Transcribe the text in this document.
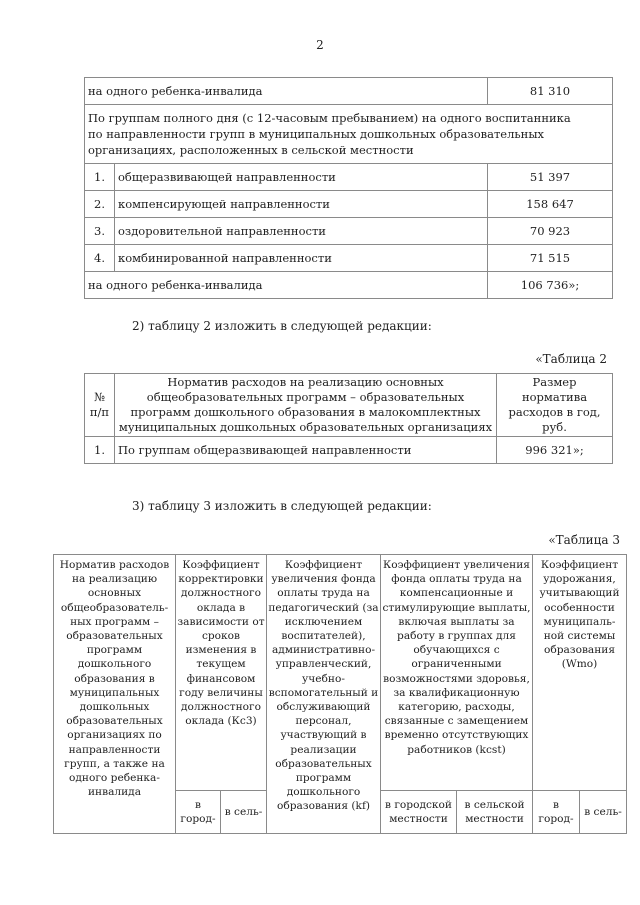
2
на одного ребенка-инвалида		81 310

По группам полного дня (с 12-часовым пребыванием) на одного воспитанника
по направленности групп в муниципальных дошкольных образовательных
организациях, расположенных в сельской местности		

1.	общеразвивающей направленности	51 397
2.	компенсирующей направленности	158 647
3.	оздоровительной направленности	70 923
4.	комбинированной направленности	71 515
на одного ребенка-инвалида		106 736»;
2) таблицу 2 изложить в следующей редакции:
«Таблица 2
№ п/п	Норматив расходов на реализацию основных общеобразовательных программ – образовательных программ дошкольного образования в малокомплектных муниципальных дошкольных образовательных организациях	Размер норматива расходов в год, руб.
1.	По группам общеразвивающей направленности	996 321»;
3) таблицу 3 изложить в следующей редакции:
«Таблица 3
Норматив расходов на реализацию основных общеобразователь-ных программ – образовательных программ дошкольного образования в муниципальных дошкольных образовательных организациях по направленности групп, а также на одного ребенка-инвалида	Коэффициент корректировки должностного оклада в зависимости от сроков изменения в текущем финансовом году величины должностного оклада (Кс3)	Коэффициент увеличения фонда оплаты труда на педагогический (за исключением воспитателей), административно-управленческий, учебно-вспомогательный и обслуживающий персонал, участвующий в реализации образовательных программ дошкольного образования (kf)	Коэффициент увеличения фонда оплаты труда на компенсационные и стимулирующие выплаты, включая выплаты за работу в группах для обучающихся с ограниченными возможностями здоровья, за квалификационную категорию, расходы, связанные с замещением временно отсутствующих работников (kcst)	Коэффициент удорожания, учитывающий особенности муниципаль-ной системы образования (Wmo)
	в город-	в сель-		в городской местности	в сельской местности	в город-	в сель-
